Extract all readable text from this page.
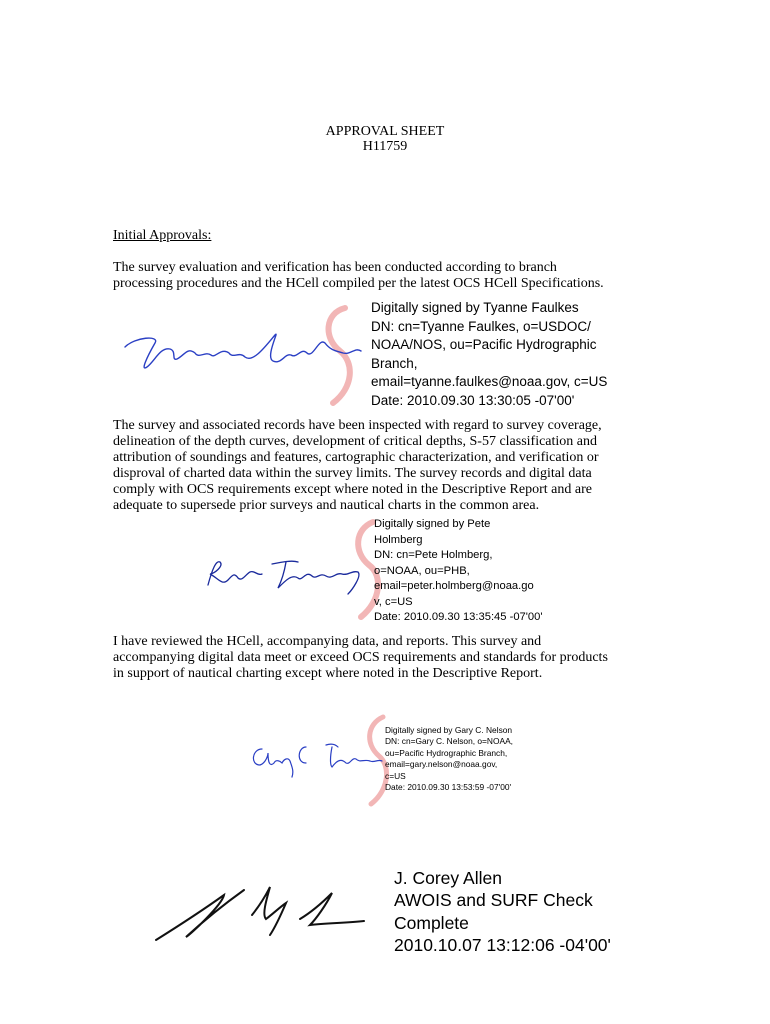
APPROVAL SHEET
H11759
Initial Approvals:
The survey evaluation and verification has been conducted according to branch
processing procedures and the HCell compiled per the latest OCS HCell Specifications.
Digitally signed by Tyanne Faulkes
DN: cn=Tyanne Faulkes, o=USDOC/
NOAA/NOS, ou=Pacific Hydrographic
Branch,
email=tyanne.faulkes@noaa.gov, c=US
Date: 2010.09.30 13:30:05 -07'00'
The survey and associated records have been inspected with regard to survey coverage,
delineation of the depth curves, development of critical depths, S-57 classification and
attribution of soundings and features, cartographic characterization, and verification or
disproval of charted data within the survey limits. The survey records and digital data
comply with OCS requirements except where noted in the Descriptive Report and are
adequate to supersede prior surveys and nautical charts in the common area.
Digitally signed by Pete
Holmberg
DN: cn=Pete Holmberg,
o=NOAA, ou=PHB,
email=peter.holmberg@noaa.go
v, c=US
Date: 2010.09.30 13:35:45 -07'00'
I have reviewed the HCell, accompanying data, and reports. This survey and
accompanying digital data meet or exceed OCS requirements and standards for products
in support of nautical charting except where noted in the Descriptive Report.
Digitally signed by Gary C. Nelson
DN: cn=Gary C. Nelson, o=NOAA,
ou=Pacific Hydrographic Branch,
email=gary.nelson@noaa.gov,
c=US
Date: 2010.09.30 13:53:59 -07'00'
J. Corey Allen
AWOIS and SURF Check
Complete
2010.10.07 13:12:06 -04'00'
